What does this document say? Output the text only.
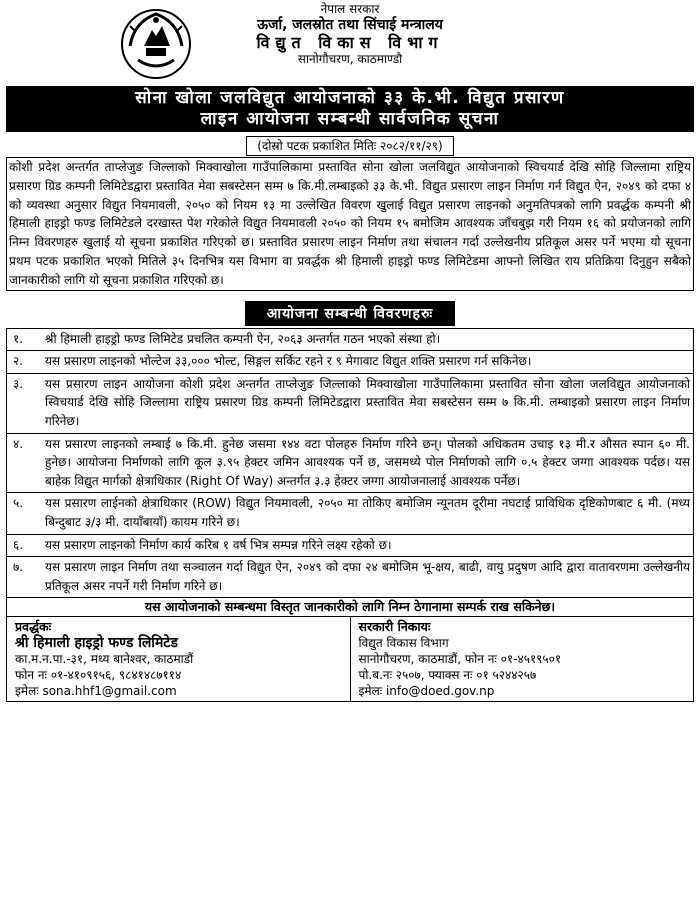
नेपाल सरकार
ऊर्जा, जलस्रोत तथा सिंचाई मन्त्रालय
विद्युत विकास विभाग
सानोगौचरण, काठमाण्डौ
सोना खोला जलविद्युत आयोजनाको ३३ के.भी. विद्युत प्रसारण
लाइन आयोजना सम्बन्धी सार्वजनिक सूचना
(दोस्रो पटक प्रकाशित मितिः २०८२/११/२९)
कोशी प्रदेश अन्तर्गत ताप्लेजुङ जिल्लाको मिक्वाखोला गाउँपालिकामा प्रस्तावित सोना खोला जलविद्युत आयोजनाको स्विचयार्ड देखि सोहि जिल्लामा राष्ट्रिय प्रसारण ग्रिड कम्पनी लिमिटेडद्वारा प्रस्तावित मेवा सबस्टेसन सम्म ७ कि.मी.लम्बाइको ३३ के.भी. विद्युत प्रसारण लाइन निर्माण गर्न विद्युत ऐन, २०४९ को दफा ४ को व्यवस्था अनुसार विद्युत नियमावली, २०५० को नियम १३ मा उल्लेखित विवरण खुलाई विद्युत प्रसारण लाइनको अनुमतिपत्रको लागि प्रवर्द्धक कम्पनी श्री हिमाली हाइड्रो फण्ड लिमिटेडले दरखास्त पेश गरेकोले विद्युत नियमावली २०५० को नियम १५ बमोजिम आवश्यक जाँचबुझ गरी नियम १६ को प्रयोजनको लागि निम्न विवरणहरु खुलाई यो सूचना प्रकाशित गरिएको छ। प्रस्तावित प्रसारण लाइन निर्माण तथा संचालन गर्दा उल्लेखनीय प्रतिकूल असर पर्ने भएमा यो सूचना प्रथम पटक प्रकाशित भएको मितिले ३५ दिनभित्र यस विभाग वा प्रवर्द्धक श्री हिमाली हाइड्रो फण्ड लिमिटेडमा आफ्नो लिखित राय प्रतिक्रिया दिनुहुन सबैको जानकारीको लागि यो सूचना प्रकाशित गरिएको छ।
आयोजना सम्बन्धी विवरणहरुः
१.	श्री हिमाली हाइड्रो फण्ड लिमिटेड प्रचलित कम्पनी ऐन, २०६३ अन्तर्गत गठन भएको संस्था हो।
२.	यस प्रसारण लाइनको भोल्टेज ३३,००० भोल्ट, सिङ्गल सर्किट रहने र ९ मेगावाट विद्युत शक्ति प्रसारण गर्न सकिनेछ।
३.	यस प्रसारण लाइन आयोजना कोशी प्रदेश अन्तर्गत ताप्लेजुङ जिल्लाको मिक्वाखोला गाउँपालिकामा प्रस्तावित सोना खोला जलविद्युत आयोजनाको स्विचयार्ड देखि सोहि जिल्लामा राष्ट्रिय प्रसारण ग्रिड कम्पनी लिमिटेडद्वारा प्रस्तावित मेवा सबस्टेसन सम्म ७ कि.मी. लम्बाइको प्रसारण लाइन निर्माण गरिनेछ।
४.	यस प्रसारण लाइनको लम्बाई ७ कि.मी. हुनेछ जसमा १४४ वटा पोलहरु निर्माण गरिने छन्। पोलको अधिकतम उचाइ १३ मी.र औसत स्पान ६० मी. हुनेछ। आयोजना निर्माणको लागि कूल ३.९५ हेक्टर जमिन आवश्यक पर्ने छ, जसमध्ये पोल निर्माणको लागि ०.५ हेक्टर जग्गा आवश्यक पर्दछ। यस बाहेक विद्युत मार्गको क्षेत्राधिकार (Right Of Way) अन्तर्गत ३.३ हेक्टर जग्गा आयोजनालाई आवश्यक पर्नेछ।
५.	यस प्रसारण लाईनको क्षेत्राधिकार (ROW) विद्युत नियमावली, २०५० मा तोकिए बमोजिम न्यूनतम दूरीमा नघटाई प्राविधिक दृष्टिकोणबाट ६ मी. (मध्य बिन्दुबाट ३/३ मी. दायाँबायाँ) कायम गरिने छ।
६.	यस प्रसारण लाइनको निर्माण कार्य करिब १ वर्ष भित्र सम्पन्न गरिने लक्ष्य रहेको छ।
७.	यस प्रसारण लाइन निर्माण तथा सञ्चालन गर्दा विद्युत ऐन, २०४९ को दफा २४ बमोजिम भू-क्षय, बाढी, वायु प्रदुषण आदि द्वारा वातावरणमा उल्लेखनीय प्रतिकूल असर नपर्ने गरी निर्माण गरिने छ।
यस आयोजनाको सम्बन्धमा विस्तृत जानकारीको लागि निम्न ठेगानामा सम्पर्क राख सकिनेछ।
प्रवर्द्धकः
श्री हिमाली हाइड्रो फण्ड लिमिटेड
का.म.न.पा.-३१, मध्य बानेश्वर, काठमाडौं
फोन नः ०१-४१०९१५६, ९८४१४८७११४
इमेलः sona.hhf1@gmail.com
सरकारी निकायः
विद्युत विकास विभाग
सानोगौचरण, काठमाडौं, फोन नः ०१-४५१९५०१
पो.ब.नः २५०७, फ्याक्स नः ०१ ५२४४२५७
इमेलः info@doed.gov.np
